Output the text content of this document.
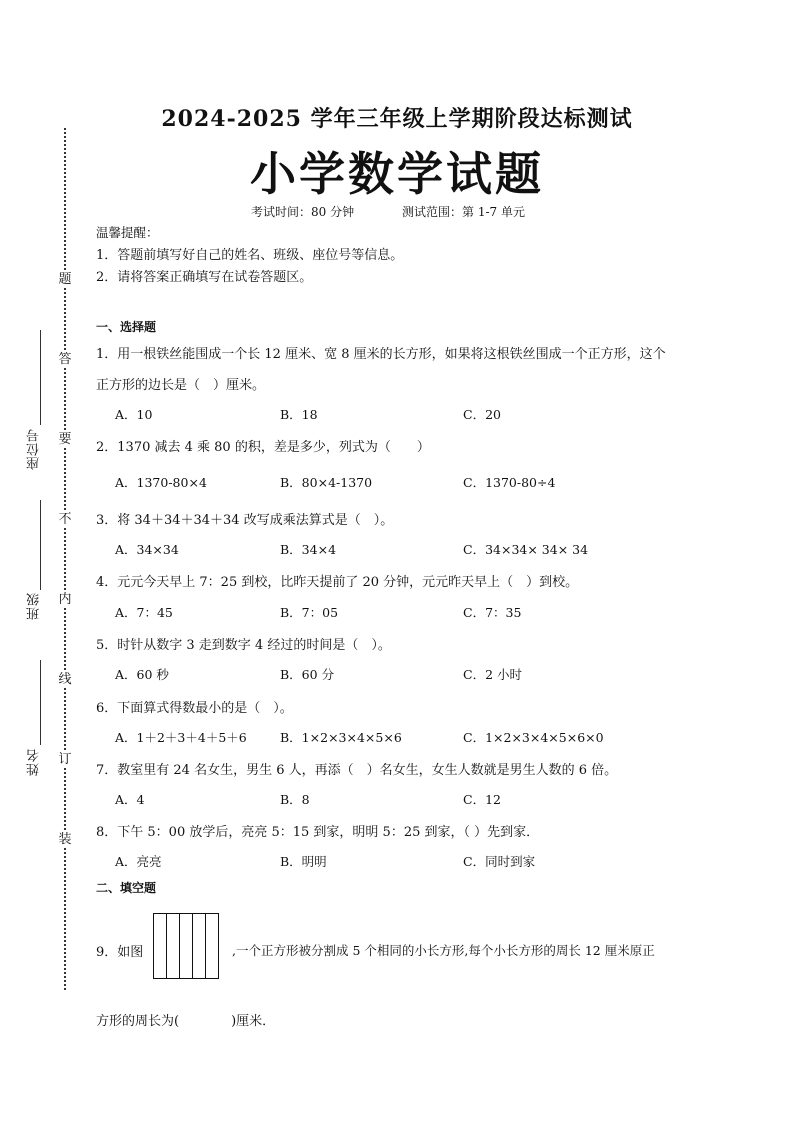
题
答
要
不
内
线
订
装
座位号
班级
姓名
2024-2025 学年三年级上学期阶段达标测试
小学数学试题
考试时间：80 分钟	测试范围：第 1-7 单元
温馨提醒：
1．答题前填写好自己的姓名、班级、座位号等信息。
2．请将答案正确填写在试卷答题区。
一、选择题
1．用一根铁丝能围成一个长 12 厘米、宽 8 厘米的长方形，如果将这根铁丝围成一个正方形，这个
正方形的边长是（　）厘米。
A．10	B．18	C．20
2．1370 减去 4 乘 80 的积，差是多少，列式为（　　）
A．1370-80×4	B．80×4-1370	C．1370-80÷4
3．将 34＋34＋34＋34 改写成乘法算式是（　）。
A．34×34	B．34×4	C．34×34× 34× 34
4．元元今天早上 7：25 到校，比昨天提前了 20 分钟，元元昨天早上（　）到校。
A．7：45	B．7：05	C．7：35
5．时针从数字 3 走到数字 4 经过的时间是（　）。
A．60 秒	B．60 分	C．2 小时
6．下面算式得数最小的是（　）。
A．1＋2＋3＋4＋5＋6	B．1×2×3×4×5×6	C．1×2×3×4×5×6×0
7．教室里有 24 名女生，男生 6 人，再添（　）名女生，女生人数就是男生人数的 6 倍。
A．4	B．8	C．12
8．下午 5：00 放学后，亮亮 5：15 到家，明明 5：25 到家，（ ）先到家．
A．亮亮	B．明明	C．同时到家
二、填空题
9．如图	,一个正方形被分割成 5 个相同的小长方形,每个小长方形的周长 12 厘米原正
方形的周长为(　　　　)厘米．
